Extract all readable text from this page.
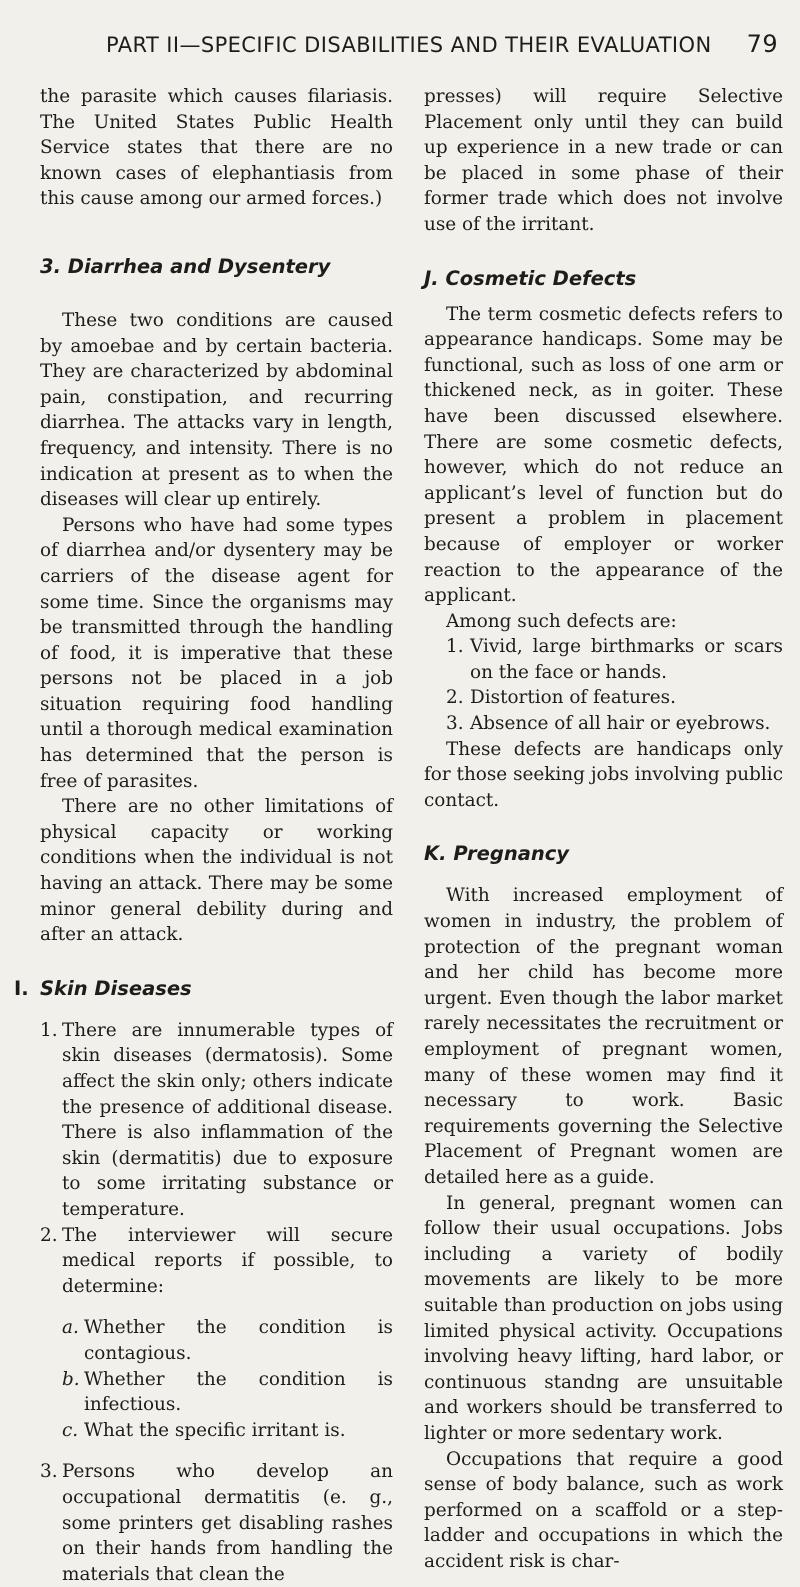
PART II—SPECIFIC DISABILITIES AND THEIR EVALUATION 79

the parasite which causes filariasis. The United States Public Health Service states that there are no known cases of elephantiasis from this cause among our armed forces.)

3. Diarrhea and Dysentery

These two conditions are caused by amoebae and by certain bacteria. They are characterized by abdominal pain, constipation, and recurring diarrhea. The attacks vary in length, frequency, and intensity. There is no indication at present as to when the diseases will clear up entirely.

Persons who have had some types of diarrhea and/or dysentery may be carriers of the disease agent for some time. Since the organisms may be transmitted through the handling of food, it is imperative that these persons not be placed in a job situation requiring food handling until a thorough medical examination has determined that the person is free of parasites.

There are no other limitations of physical capacity or working conditions when the individual is not having an attack. There may be some minor general debility during and after an attack.

I. Skin Diseases
1. There are innumerable types of skin diseases (dermatosis). Some affect the skin only; others indicate the presence of additional disease. There is also inflammation of the skin (dermatitis) due to exposure to some irritating substance or temperature.
2. The interviewer will secure medical reports if possible, to determine:
a. Whether the condition is contagious.
b. Whether the condition is infectious.
c. What the specific irritant is.
3. Persons who develop an occupational dermatitis (e. g., some printers get disabling rashes on their hands from handling the materials that clean the

presses) will require Selective Placement only until they can build up experience in a new trade or can be placed in some phase of their former trade which does not involve use of the irritant.

J. Cosmetic Defects

The term cosmetic defects refers to appearance handicaps. Some may be functional, such as loss of one arm or thickened neck, as in goiter. These have been discussed elsewhere. There are some cosmetic defects, however, which do not reduce an applicant’s level of function but do present a problem in placement because of employer or worker reaction to the appearance of the applicant.

Among such defects are:

1. Vivid, large birthmarks or scars on the face or hands.
2. Distortion of features.
3. Absence of all hair or eyebrows.

These defects are handicaps only for those seeking jobs involving public contact.

K. Pregnancy

With increased employment of women in industry, the problem of protection of the pregnant woman and her child has become more urgent. Even though the labor market rarely necessitates the recruitment or employment of pregnant women, many of these women may find it necessary to work. Basic requirements governing the Selective Placement of Pregnant women are detailed here as a guide.

In general, pregnant women can follow their usual occupations. Jobs including a variety of bodily movements are likely to be more suitable than production on jobs using limited physical activity. Occupations involving heavy lifting, hard labor, or continuous standng are unsuitable and workers should be transferred to lighter or more sedentary work.

Occupations that require a good sense of body balance, such as work performed on a scaffold or a step-ladder and occupations in which the accident risk is char-
